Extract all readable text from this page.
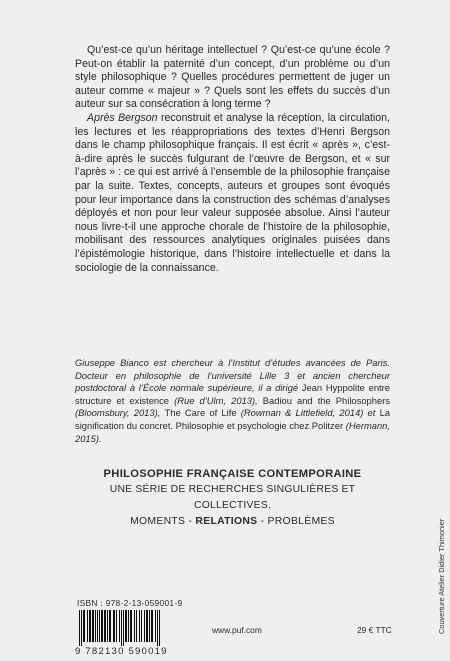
Qu’est-ce qu’un héritage intellectuel ? Qu’est-ce qu’une école ? Peut-on établir la paternité d’un concept, d’un problème ou d’un style philosophique ? Quelles procédures permettent de juger un auteur comme « majeur » ? Quels sont les effets du succès d’un auteur sur sa consécration à long terme ?

Après Bergson reconstruit et analyse la réception, la circulation, les lectures et les réappropriations des textes d’Henri Bergson dans le champ philosophique français. Il est écrit « après », c’est-à-dire après le succès fulgurant de l’œuvre de Bergson, et « sur l’après » : ce qui est arrivé à l’ensemble de la philosophie française par la suite. Textes, concepts, auteurs et groupes sont évoqués pour leur importance dans la construction des schémas d’analyses déployés et non pour leur valeur supposée absolue. Ainsi l’auteur nous livre-t-il une approche chorale de l’histoire de la philosophie, mobilisant des ressources analytiques originales puisées dans l’épistémologie historique, dans l’histoire intellectuelle et dans la sociologie de la connaissance.

Giuseppe Bianco est chercheur à l’Institut d’études avancées de Paris. Docteur en philosophie de l’université Lille 3 et ancien chercheur postdoctoral à l’École normale supérieure, il a dirigé Jean Hyppolite entre structure et existence (Rue d’Ulm, 2013), Badiou and the Philosophers (Bloomsbury, 2013), The Care of Life (Rowman & Littlefield, 2014) et La signification du concret. Philosophie et psychologie chez Politzer (Hermann, 2015).
PHILOSOPHIE FRANÇAISE CONTEMPORAINE
UNE SÉRIE DE RECHERCHES SINGULIÈRES ET COLLECTIVES.
MOMENTS - RELATIONS - PROBLÈMES
ISBN : 978-2-13-059001-9
9 782130 590019
www.puf.com	29 € TTC	Couverture Atelier Didier Thimonier
